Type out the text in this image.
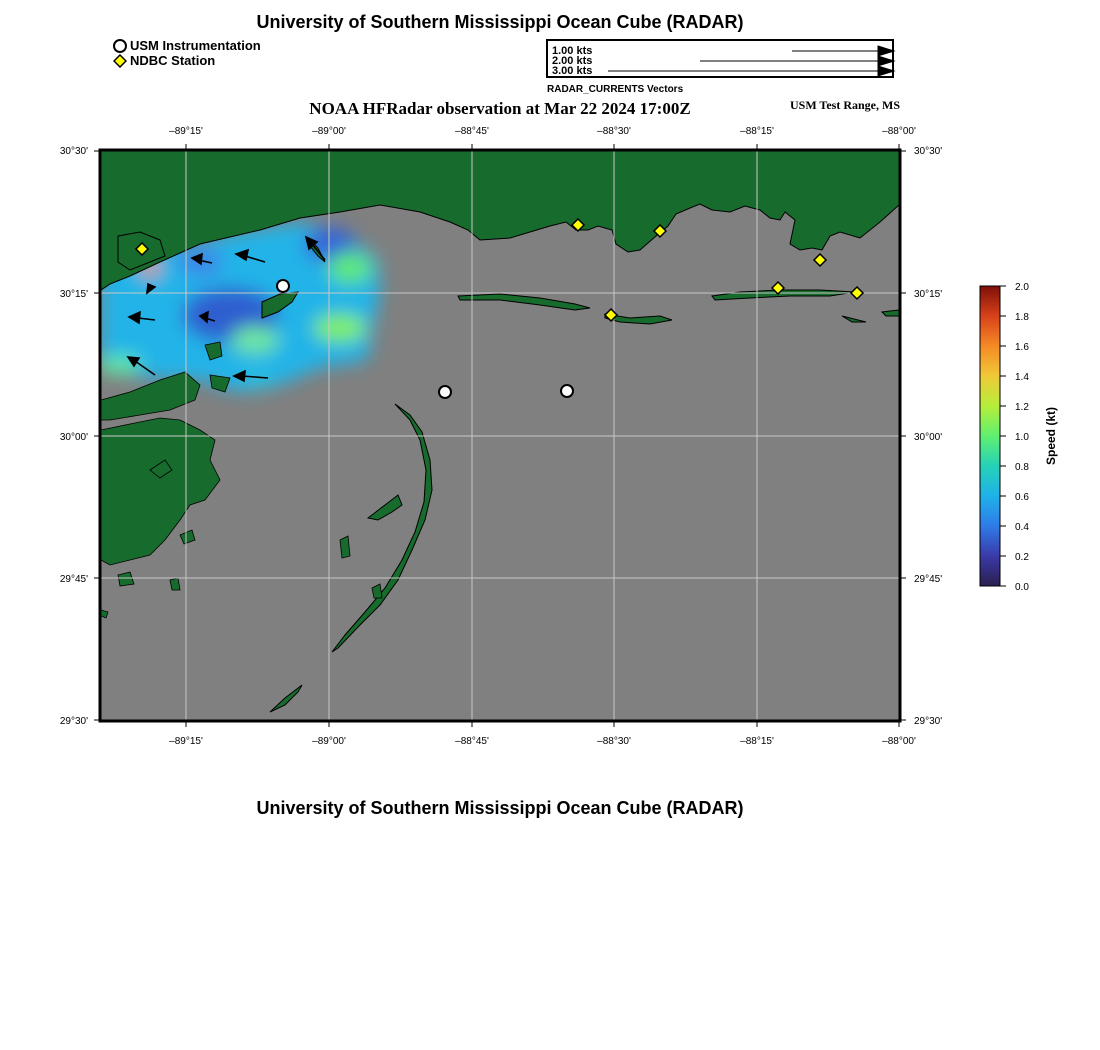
University of Southern Mississippi Ocean Cube (RADAR)
USM Instrumentation
NDBC Station
1.00 kts
2.00 kts
3.00 kts
RADAR_CURRENTS Vectors
NOAA HFRadar observation at Mar 22 2024 17:00Z	USM Test Range, MS
–89°15'	–89°00'	–88°45'	–88°30'	–88°15'	–88°00'
–89°15'	–89°00'	–88°45'	–88°30'	–88°15'	–88°00'
30°30'
30°15'
30°00'
29°45'
29°30'
30°30'
30°15'
30°00'
29°45'
29°30'
2.0
1.8
1.6
1.4
1.2
1.0
0.8
0.6
0.4
0.2
0.0
Speed (kt)
University of Southern Mississippi Ocean Cube (RADAR)
